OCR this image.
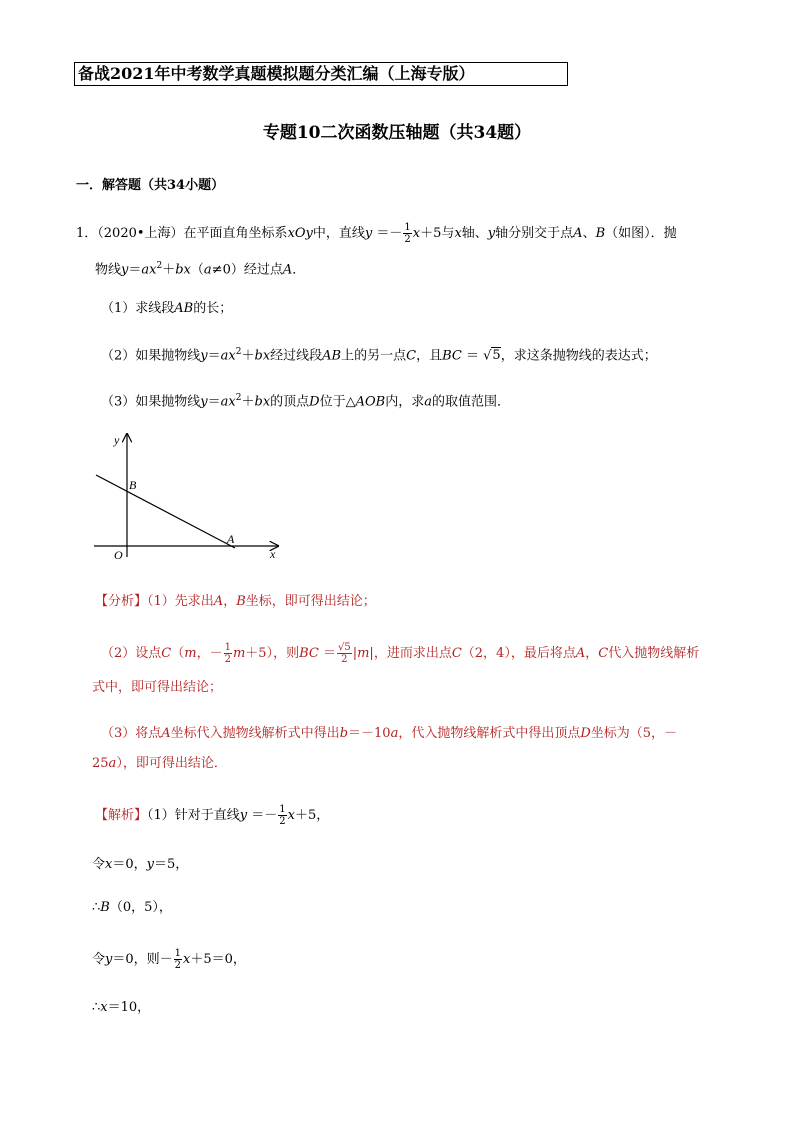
备战2021年中考数学真题模拟题分类汇编（上海专版）
专题10二次函数压轴题（共34题）
一．解答题（共34小题）
1．（2020•上海）在平面直角坐标系xOy中，直线$y =- \frac{1}{2} x+5$与x轴、y轴分别交于点A、B（如图）．抛
物线$y=ax^2+bx(a\ne 0)$经过点A．
（1）求线段AB的长；
（2）如果抛物线$y=ax^2+bx$经过线段AB上的另一点C，且BC ＝ √5，求这条抛物线的表达式；
（3）如果抛物线$y=ax^2+bx$的顶点D位于△AOB内，求a的取值范围．
y
x
O
B
A
【分析】（1）先求出A，B坐标，即可得出结论；
（2）设点C（m，－ $\frac{1}{2} m+5$），则BC ＝ $\frac{√5}{2} |m|$，进而求出点C（2，4），最后将点A，C代入抛物线解析
式中，即可得出结论；
（3）将点A坐标代入抛物线解析式中得出b＝－10a，代入抛物线解析式中得出顶点D坐标为（5，－
25a），即可得出结论．
【解析】（1）针对于直线$y =- \frac{1}{2} x+5$，
令x＝0，y＝5，
∴B（0，5），
令y＝0，则－ $\frac{1}{2} x+5=0$，
∴x＝10，
